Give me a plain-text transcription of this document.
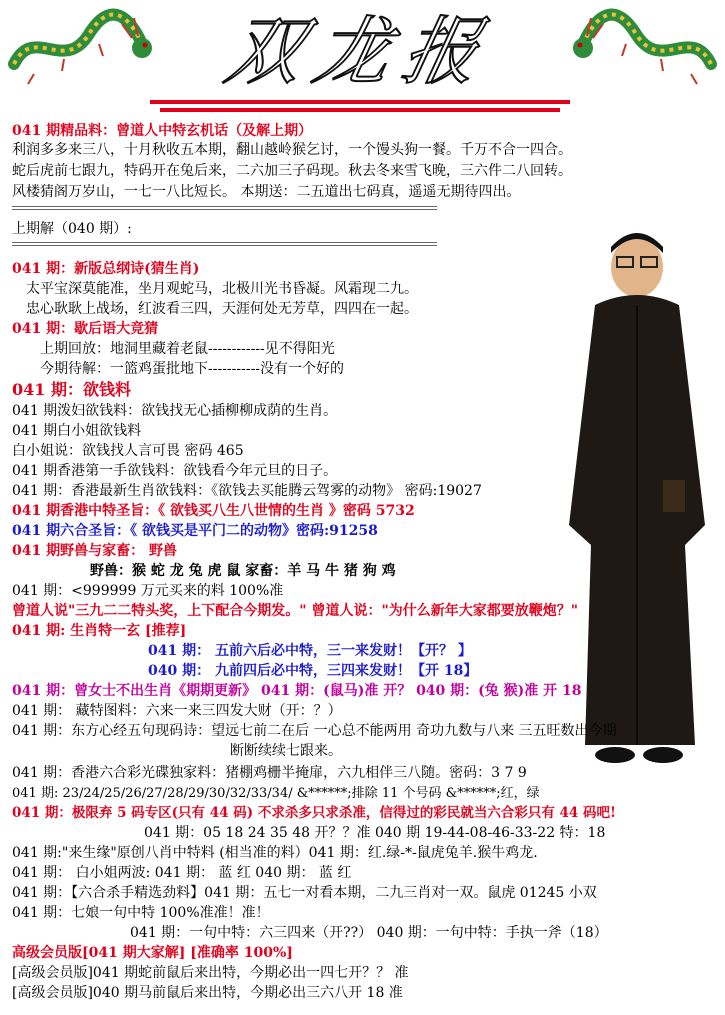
双龙报
041 期精品料：曾道人中特玄机话（及解上期）
利润多多来三八，十月秋收五本期，翻山越岭猴乞讨，一个馒头狗一餐。千万不合一四合。
蛇后虎前七跟九，特码开在兔后来，二六加三子码现。秋去冬来雪飞晚，三六件二八回转。
风楼猜阁万岁山，一七一八比短长。 本期送：二五道出七码真，遥遥无期待四出。
上期解（040 期）:
041 期：新版总纲诗(猜生肖)
太平宝深莫能准，坐月观蛇马，北极川光书昏凝。风霜现二九。
忠心耿耿上战场，红波看三四，天涯何处无芳草，四四在一起。
041 期：歇后语大竞猜
上期回放：地洞里藏着老鼠------------见不得阳光
今期待解：一篮鸡蛋批地下-----------没有一个好的
041 期：欲钱料
041 期泼妇欲钱料：欲钱找无心插柳柳成荫的生肖。
041 期白小姐欲钱料
白小姐说：欲钱找人言可畏 密码 465
041 期香港第一手欲钱料：欲钱看今年元旦的日子。
041 期：香港最新生肖欲钱料：《欲钱去买能腾云驾雾的动物》 密码:19027
041 期香港中特圣旨：《 欲钱买八生八世情的生肖 》密码 5732
041 期六合圣旨：《 欲钱买是平门二的动物》密码:91258
041 期野兽与家畜： 野兽
野兽：猴 蛇 龙 兔 虎 鼠 家畜：羊 马 牛 猪 狗 鸡
041 期：<999999 万元买来的料 100%准
曾道人说"三九二二特头奖，上下配合今期发。" 曾道人说："为什么新年大家都要放鞭炮？"
041 期: 生肖特一玄 [推荐]
041 期： 五前六后必中特，三一来发财！【开？ 】
040 期： 九前四后必中特，三四来发财！【开 18】
041 期：曾女士不出生肖《期期更新》 041 期：(鼠马)准 开？ 040 期：(兔 猴)准 开 18
041 期： 藏特图料：六来一来三四发大财（开：？）
041 期：东方心经五句现码诗：望远七前二在后 一心总不能两用 奇功九数与八来 三五旺数出今期
断断续续七跟来。
041 期：香港六合彩光碟独家料：猪棚鸡栅半掩扉，六九相伴三八随。密码：3 7 9
041 期: 23/24/25/26/27/28/29/30/32/33/34/ &******;排除 11 个号码 &******;红，绿
041 期：极限弃 5 码专区(只有 44 码) 不求杀多只求杀准，信得过的彩民就当六合彩只有 44 码吧!
041 期：05 18 24 35 48 开？？准 040 期 19-44-08-46-33-22 特：18
041 期:"来生缘"原创八肖中特料 (相当准的料）041 期：红.绿-*-鼠虎兔羊.猴牛鸡龙.
041 期： 白小姐两波: 041 期： 蓝 红 040 期： 蓝 红
041 期：【六合杀手精选劲料】041 期：五七一对看本期，二九三肖对一双。鼠虎 01245 小双
041 期：七娘一句中特 100%准准！准！
041 期：一句中特：六三四来（开??） 040 期：一句中特：手执一斧（18）
高级会员版[041 期大家解] [准确率 100%]
[高级会员版]041 期蛇前鼠后来出特，今期必出一四七开？？ 准
[高级会员版]040 期马前鼠后来出特，今期必出三六八开 18 准
